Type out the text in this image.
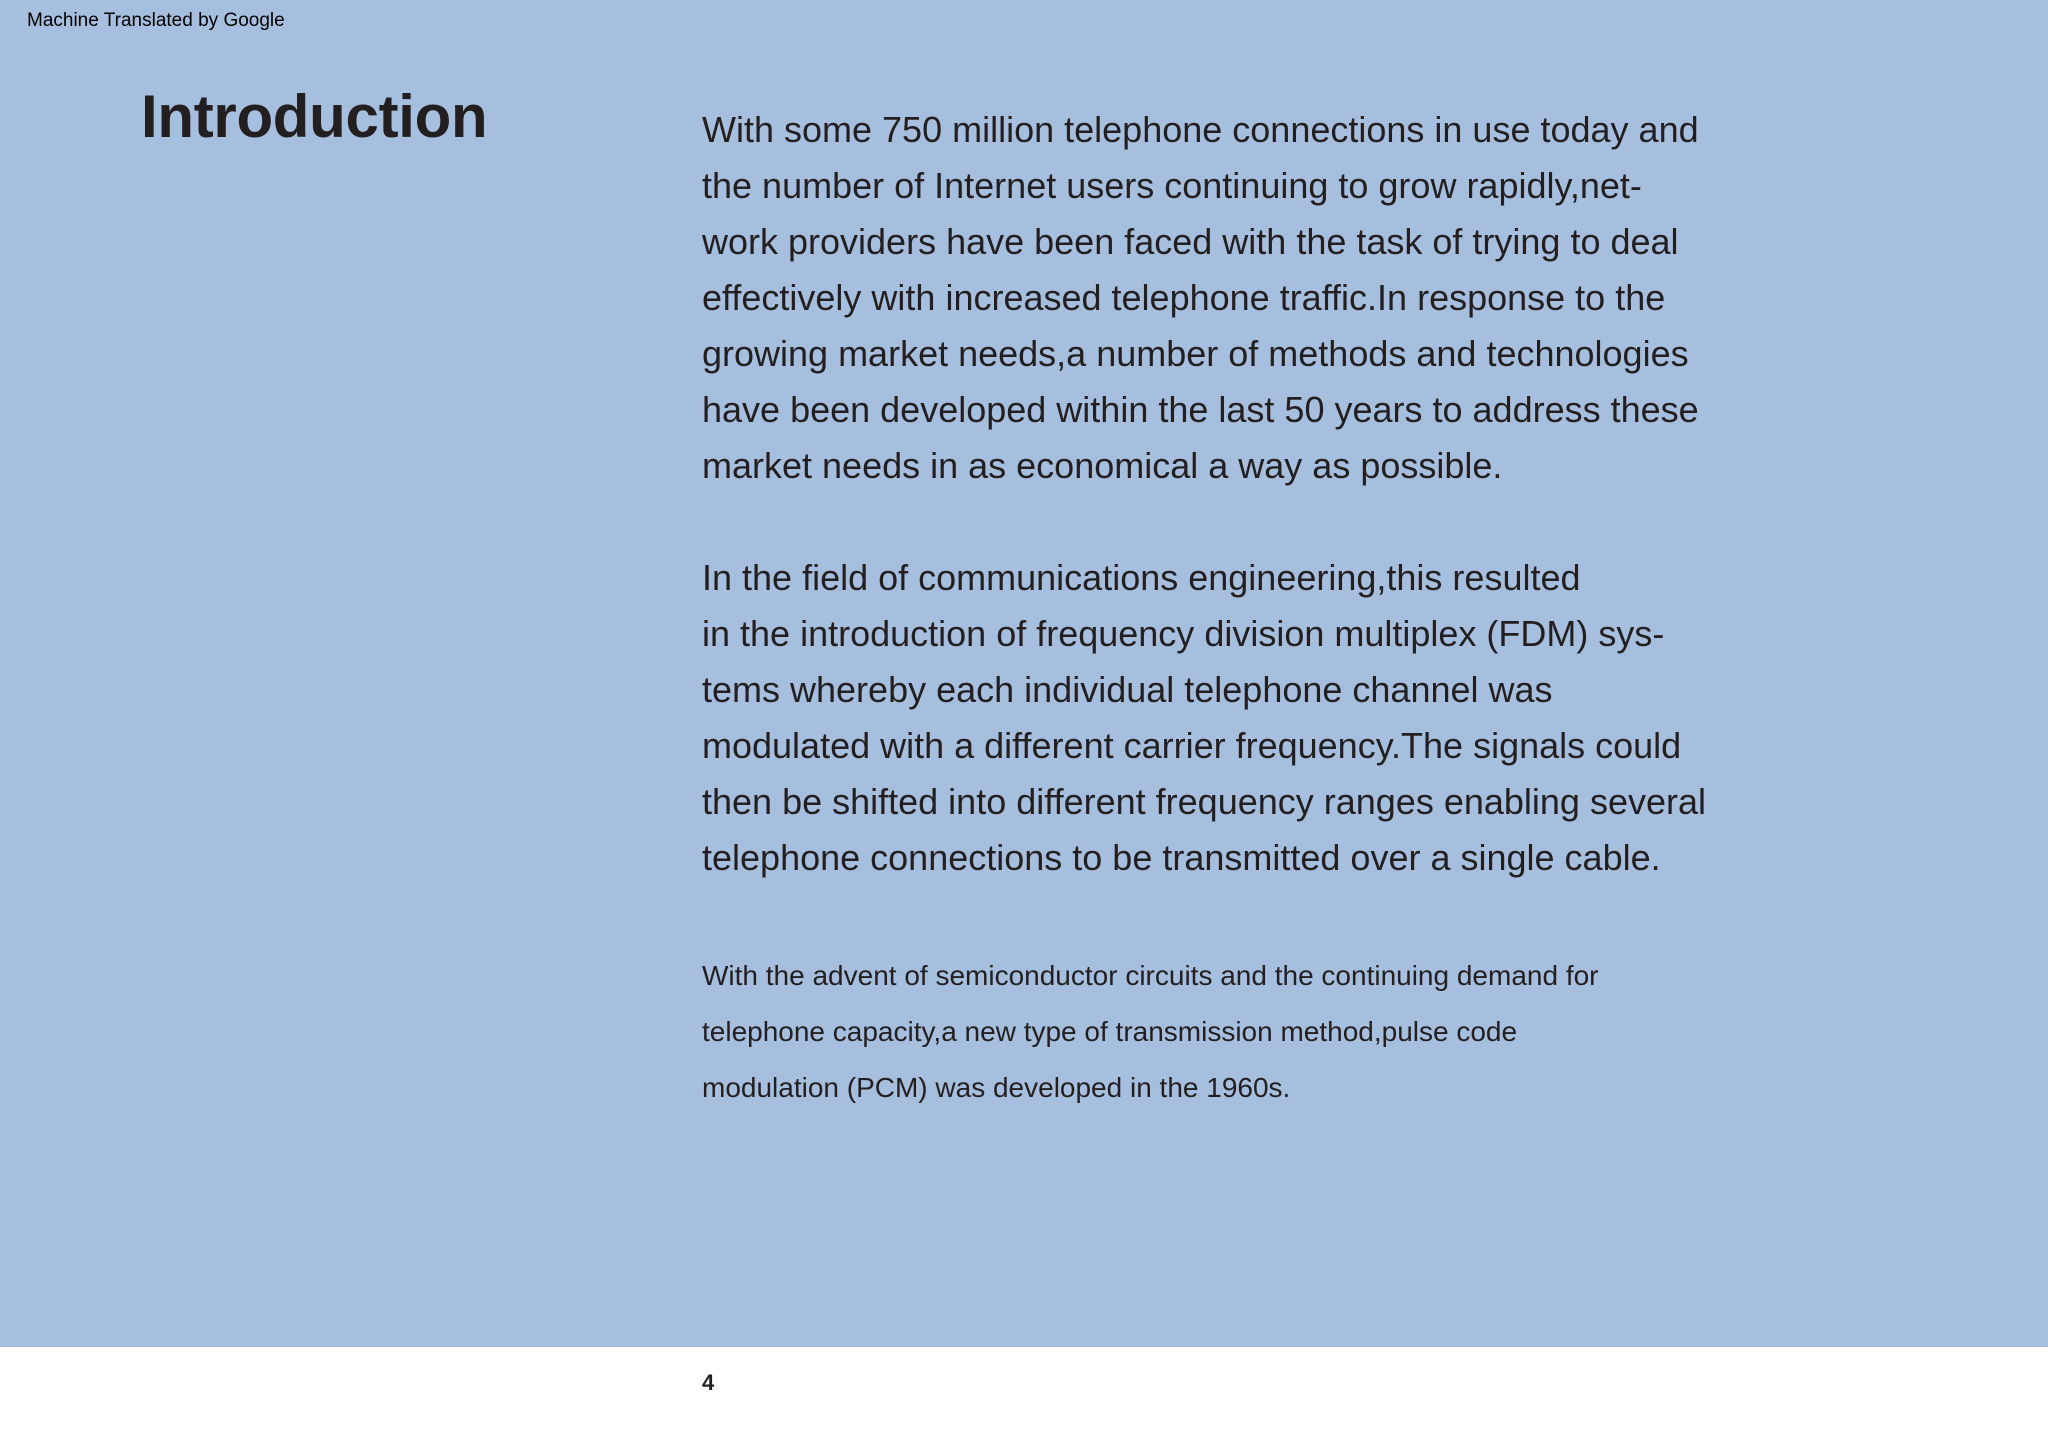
Machine Translated by Google
Introduction	With some 750 million telephone connections in use today and
the number of Internet users continuing to grow rapidly,net-
work providers have been faced with the task of trying to deal
effectively with increased telephone traffic.In response to the
growing market needs,a number of methods and technologies
have been developed within the last 50 years to address these
market needs in as economical a way as possible.

In the field of communications engineering,this resulted
in the introduction of frequency division multiplex (FDM) sys-
tems whereby each individual telephone channel was
modulated with a different carrier frequency.The signals could
then be shifted into different frequency ranges enabling several
telephone connections to be transmitted over a single cable.

With the advent of semiconductor circuits and the continuing demand for
telephone capacity,a new type of transmission method,pulse code
modulation (PCM) was developed in the 1960s.

4
